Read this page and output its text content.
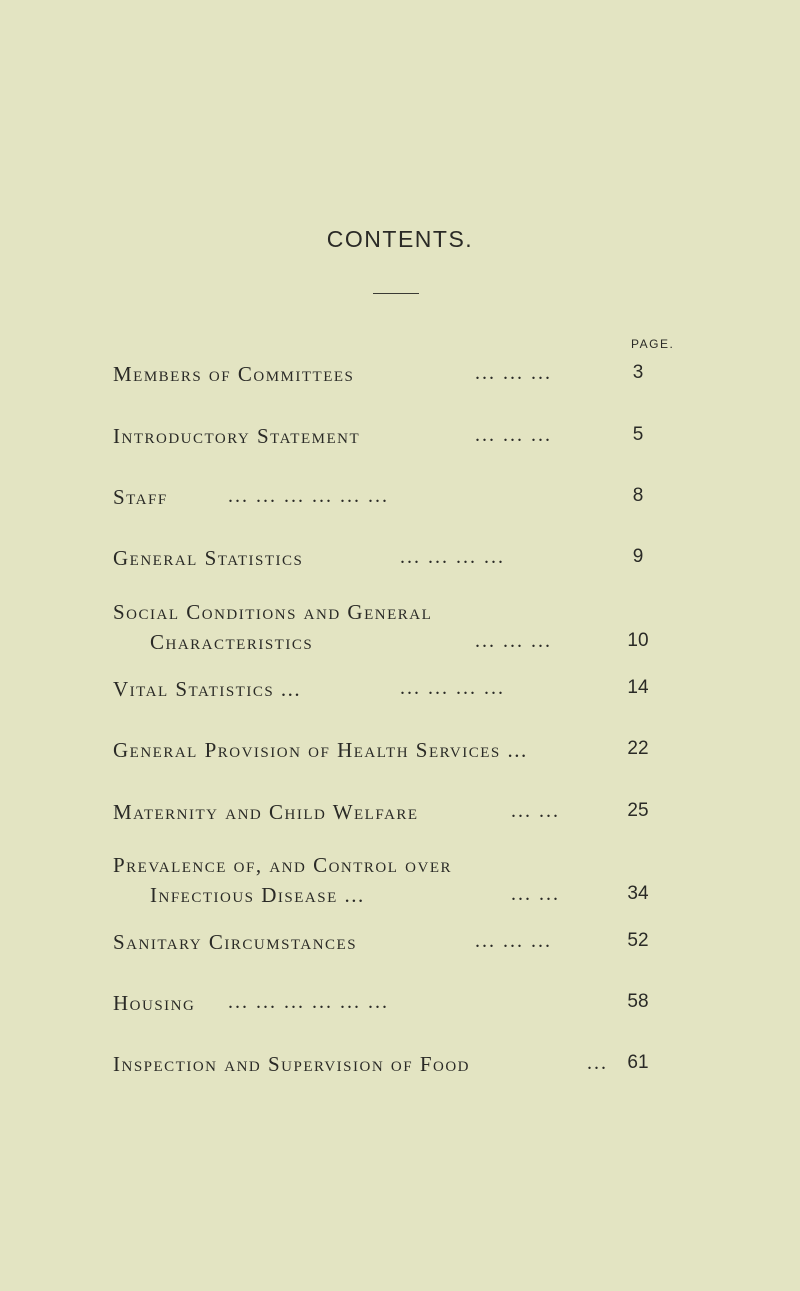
CONTENTS.
PAGE.
Members of Committees	... ... ...	3
Introductory Statement	... ... ...	5
Staff	... ... ... ... ... ...	8
General Statistics	... ... ... ...	9
Social Conditions and General
Characteristics	... ... ...	10
Vital Statistics ...	... ... ... ...	14
General Provision of Health Services ...	22
Maternity and Child Welfare	... ...	25
Prevalence of, and Control over
Infectious Disease ...	... ...	34
Sanitary Circumstances	... ... ...	52
Housing ... ... ... ... ... ...	58
Inspection and Supervision of Food	...	61
